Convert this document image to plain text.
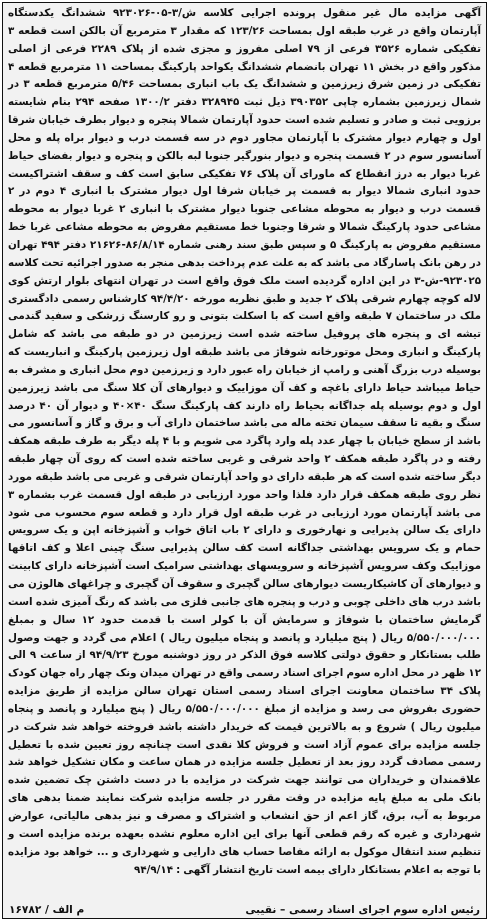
آگهی مزایده مال غیر منقول پرونده اجرایی کلاسه ش/۳-۰۵-۹۲۳۰۲۶ ششدانگ یکدستگاه آپارتمان واقع در غرب طبقه اول بمساحت ۱۲۳/۲۶ که مقدار ۳ مترمربع آن بالکن است قطعه ۳ تفکیکی شماره ۳۵۲۶ فرعی از ۷۹ اصلی مفروز و مجزی شده از پلاک ۲۲۸۹ فرعی از اصلی مذکور واقع در بخش ۱۱ تهران بانضمام ششدانگ یکواحد پارکینگ بمساحت ۱۱ مترمربع قطعه ۴ تفکیکی در زمین شرق زیرزمین و ششدانگ یک باب انباری بمساحت ۵/۴۶ مترمربع قطعه ۳ در شمال زیرزمین بشماره چاپی ۳۹۰۳۵۲ ذیل ثبت ۳۲۸۹۴۵ دفتر ۱۳۰۰/۲ صفحه ۲۹۴ بنام شایسته برزویی ثبت و صادر و تسلیم شده است حدود آپارتمان شمالا پنجره و دیوار بطرف خیابان شرقا اول و چهارم دیوار مشترک با آپارتمان مجاور دوم در سه قسمت درب و دیوار براه پله و محل آسانسور سوم در ۲ قسمت پنجره و دیوار بنورگیر جنوبا لبه بالکن و پنجره و دیوار بفضای حیاط غربا دیوار به درز انقطاع که ماورای آن پلاک ۷۶ تفکیکی سابق است کف و سقف اشتراکیست حدود انباری شمالا دیوار به قسمت پر خیابان شرقا اول دیوار مشترک با انباری ۴ دوم در ۲ قسمت درب و دیوار به محوطه مشاعی جنوبا دیوار مشترک با انباری ۲ غربا دیوار به محوطه مشاعی حدود پارکینگ شمالا و شرقا وجنوبا خط مستقیم مفروض به محوطه مشاعی غربا خط مستقیم مفروض به پارکینگ ۵ و سپس طبق سند رهنی شماره ۸۶/۸/۱۴-۲۱۶۲۶ دفتر ۴۹۴ تهران در رهن بانک پاسارگاد می باشد که به علت عدم پرداخت بدهی منجر به صدور اجرائیه تحت کلاسه ۹۲۳۰۲۵-ش-۳ در این اداره گردیده است ملک فوق واقع است در تهران انتهای بلوار ارتش کوی لاله کوچه چهارم شرقی پلاک ۲ جدید و طبق نظریه مورخه ۹۴/۴/۲۰ کارشناس رسمی دادگستری ملک در ساختمان ۷ طبقه واقع است که با اسکلت بتونی و رو کارسنگ زرشکی و سفید گندمی تیشه ای و پنجره های پروفیل ساخته شده است زیرزمین در دو طبقه می باشد که شامل پارکینگ و انباری ومحل موتورخانه شوفاژ می باشد طبقه اول زیرزمین پارکینگ و انباریست که بوسیله درب بزرگ آهنی و رامپ از خیابان راه عبور دارد و زیرزمین دوم محل انباری و مشرف به حیاط میباشد حیاط دارای باغچه و کف آن موزاییک و دیوارهای آن کلا سنگ می باشد زیرزمین اول و دوم بوسیله پله جداگانه بحیاط راه دارند کف پارکینگ سنگ ۴۰×۴۰ و دیوار آن ۴۰ درصد سنگ و بقیه تا سقف سیمان تخته ماله می باشد ساختمان دارای آب و برق و گاز و آسانسور می باشد از سطح خیابان با چهار عدد پله وارد پاگرد می شویم و با ۴ پله دیگر به طرف طبقه همکف رفته و در پاگرد طبقه همکف ۲ واحد شرقی و غربی ساخته شده است که روی آن چهار طبقه دیگر ساخته شده است که هر طبقه دارای دو واحد آپارتمان شرقی و غربی می باشد طبقه مورد نظر روی طبقه همکف قرار دارد فلذا واحد مورد ارزیابی در طبقه اول قسمت غرب بشماره ۳ می باشد آپارتمان مورد ارزیابی در غرب طبقه اول قرار دارد و قطعه سوم محسوب می شود دارای یک سالن پذیرایی و نهارخوری و دارای ۲ باب اتاق خواب و آشپزخانه اپن و یک سرویس حمام و یک سرویس بهداشتی جداگانه است کف سالن پذیرایی سنگ چینی اعلا و کف اتاقها موزاییک وکف سرویس آشپزخانه و سرویسهای بهداشتی سرامیک است آشپزخانه دارای کابینت و دیوارهای آن کاشیکاریست دیوارهای سالن گچبری و سقوف آن گچبری و چراغهای هالوژن می باشد درب های داخلی چوبی و درب و پنجره های جانبی فلزی می باشد که رنگ آمیزی شده است گرمایش ساختمان با شوفاژ و سرمایش آن با کولر است با قدمت حدود ۱۲ سال و بمبلغ ۵/۵۵۰/۰۰۰/۰۰۰ ریال ( پنج میلیارد و پانصد و پنجاه میلیون ریال ) اعلام می گردد و جهت وصول طلب بستانکار و حقوق دولتی کلاسه فوق الذکر در روز دوشنبه مورخ ۹۴/۹/۲۳ از ساعت ۹ الی ۱۲ ظهر در محل اداره سوم اجرای اسناد رسمی واقع در تهران میدان ونک چهار راه جهان کودک پلاک ۳۴ ساختمان معاونت اجرای اسناد رسمی استان تهران سالن مزایده از طریق مزایده حضوری بفروش می رسد و مزایده از مبلغ ۵/۵۵۰/۰۰۰/۰۰۰ ریال ( پنج میلیارد و پانصد و پنجاه میلیون ریال ) شروع و به بالاترین قیمت که خریدار داشته باشد فروخته خواهد شد شرکت در جلسه مزایده برای عموم آزاد است و فروش کلا نقدی است چنانچه روز تعیین شده با تعطیل رسمی مصادف گردد روز بعد از تعطیل جلسه مزایده در همان ساعت و مکان تشکیل خواهد شد علاقمندان و خریداران می توانند جهت شرکت در مزایده با در دست داشتن چک تضمین شده بانک ملی به مبلغ پایه مزایده در وقت مقرر در جلسه مزایده شرکت نمایند ضمنا بدهی های مربوط به آب، برق، گاز اعم از حق انشعاب و اشتراک و مصرف و نیز بدهی مالیاتی، عوارض شهرداری و غیره که رقم قطعی آنها برای این اداره معلوم نشده بعهده برنده مزایده است و تنظیم سند انتقال موکول به ارائه مفاصا حساب های دارایی و شهرداری و ... خواهد بود مزایده با توجه به اعلام بستانکار دارای بیمه است تاریخ انتشار آگهی : ۹۴/۹/۱۴

رئیس اداره سوم اجرای اسناد رسمی – نقیبی
م الف / ۱۶۷۸۲
